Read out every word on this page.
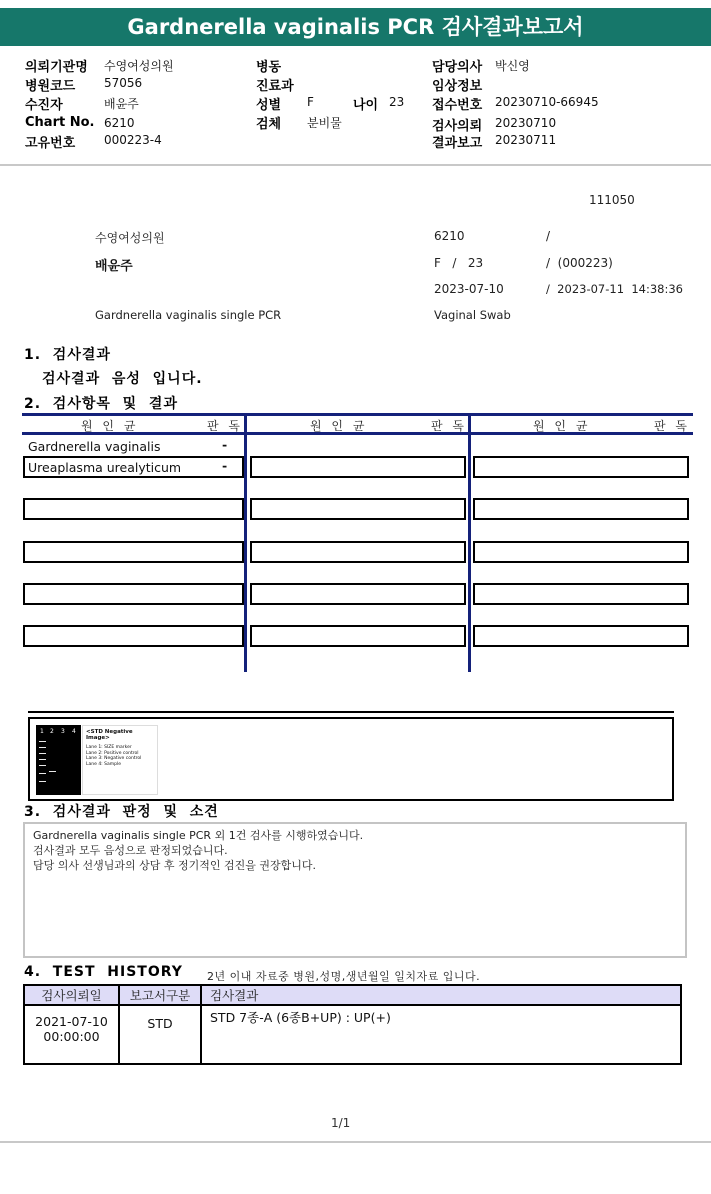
Gardnerella vaginalis PCR 검사결과보고서
의뢰기관명 수영여성의원
병원코드 57056
수진자	배윤주
Chart No. 6210
고유번호 000223-4
병동
진료과
성별 F	나이 23
검체 분비물
담당의사 박신영
임상정보
접수번호 20230710-66945
검사의뢰 20230710
결과보고 20230711
111050
수영여성의원	6210	/
배윤주	F   /   23	/  (000223)
2023-07-10	/  2023-07-11  14:38:36
Gardnerella vaginalis single PCR	Vaginal Swab
1.  검사결과
검사결과  음성  입니다.
2.  검사항목  및  결과
원 인 균	판 독	원 인 균	판 독	원 인 균	판 독
Gardnerella vaginalis	-
Ureaplasma urealyticum	-
1 2 3 4 <STD Negative Image>
Lane 1: SIZE marker
Lane 2: Positive control
Lane 3: Negative control
Lane 4: Sample
3.  검사결과  판정  및  소견
Gardnerella vaginalis single PCR 외 1건 검사를 시행하였습니다.
검사결과 모두 음성으로 판정되었습니다.
담당 의사 선생님과의 상담 후 정기적인 검진을 권장합니다.
4.  TEST  HISTORY 2년 이내 자료중 병원,성명,생년월일 일치자료 입니다.
검사의뢰일	보고서구분	검사결과

2021-07-10
00:00:00	STD	STD 7종-A (6종B+UP) : UP(+)
1/1
